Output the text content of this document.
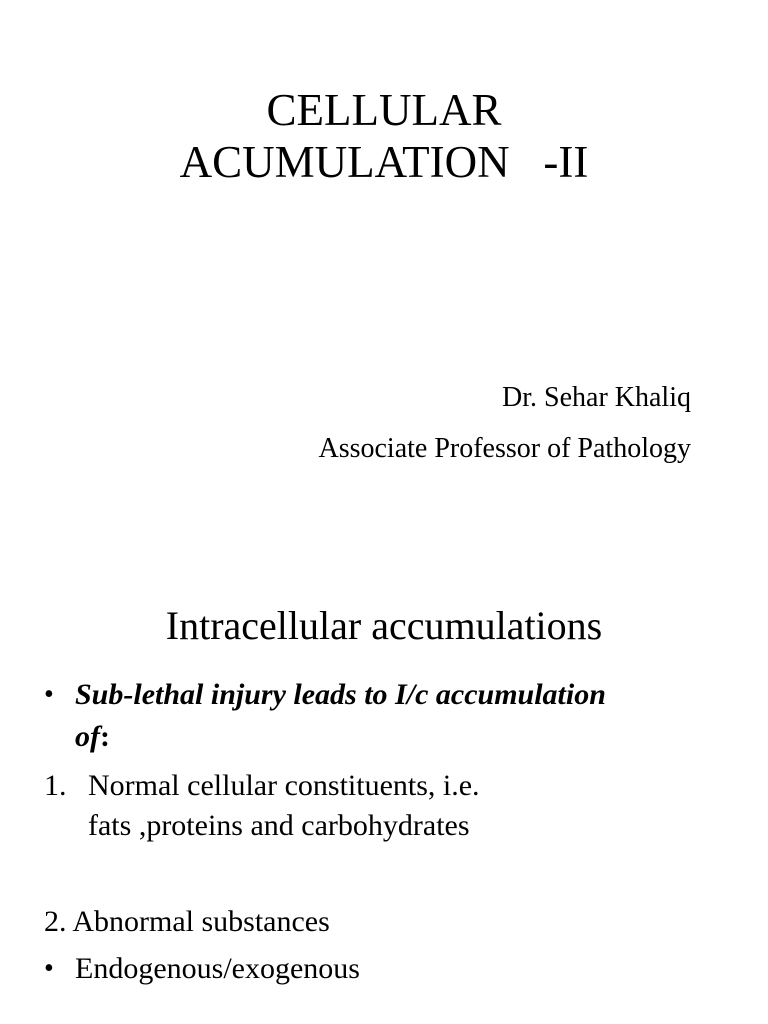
CELLULAR
ACUMULATION   -II
Dr. Sehar Khaliq
Associate Professor of Pathology
Intracellular accumulations
• Sub-lethal injury leads to I/c accumulation
of:
1. Normal cellular constituents, i.e.
fats ,proteins and carbohydrates
2. Abnormal substances
• Endogenous/exogenous
